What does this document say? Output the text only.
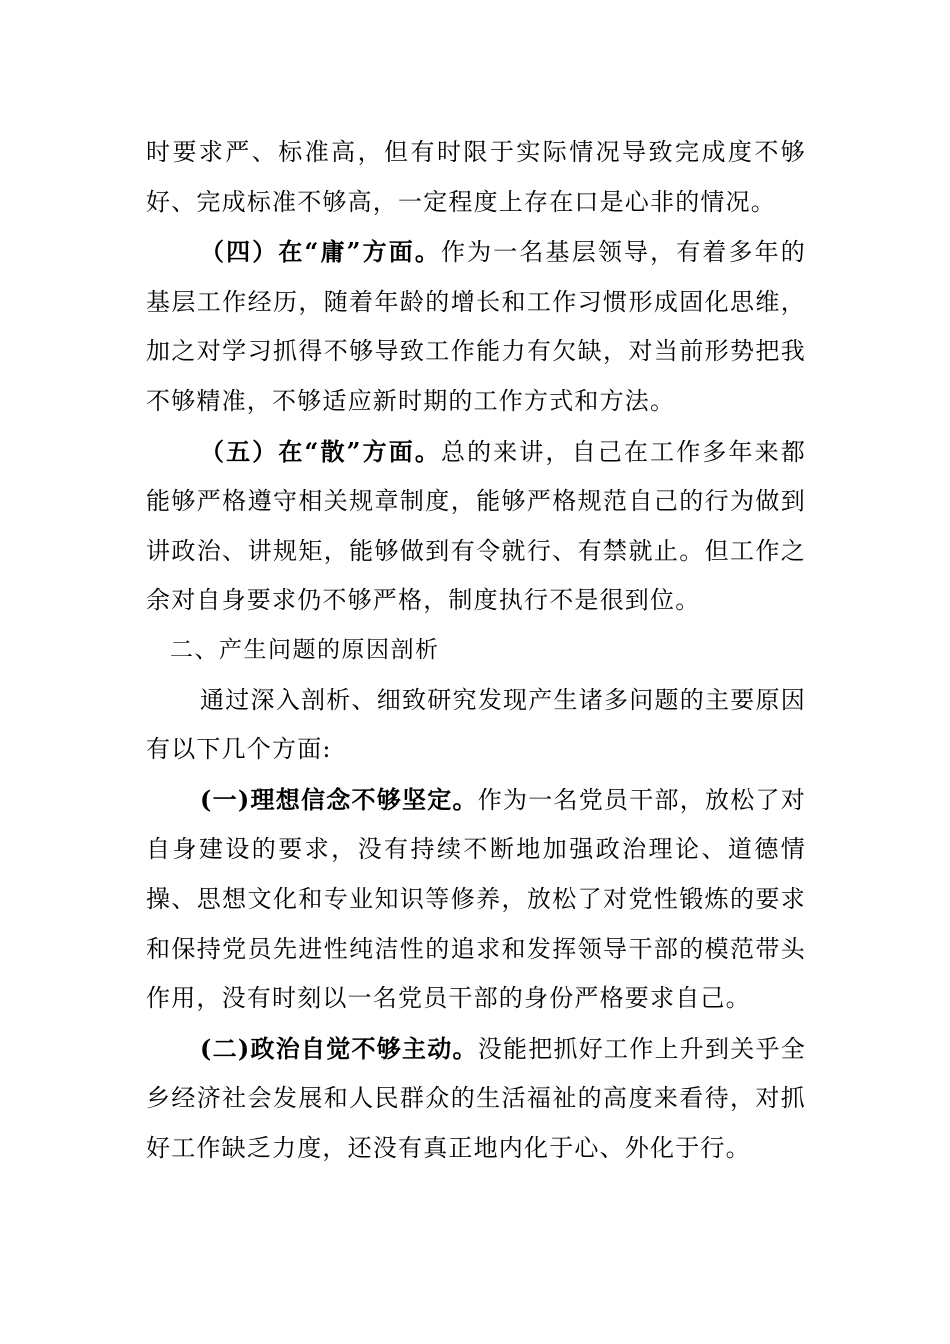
时要求严、标准高，但有时限于实际情况导致完成度不够好、完成标准不够高，一定程度上存在口是心非的情况。

（四）在“庸”方面。作为一名基层领导，有着多年的基层工作经历，随着年龄的增长和工作习惯形成固化思维，加之对学习抓得不够导致工作能力有欠缺，对当前形势把我不够精准，不够适应新时期的工作方式和方法。

（五）在“散”方面。总的来讲，自己在工作多年来都能够严格遵守相关规章制度，能够严格规范自己的行为做到讲政治、讲规矩，能够做到有令就行、有禁就止。但工作之余对自身要求仍不够严格，制度执行不是很到位。

二、产生问题的原因剖析

通过深入剖析、细致研究发现产生诸多问题的主要原因有以下几个方面:

(一)理想信念不够坚定。作为一名党员干部，放松了对自身建设的要求，没有持续不断地加强政治理论、道德情操、思想文化和专业知识等修养，放松了对党性锻炼的要求和保持党员先进性纯洁性的追求和发挥领导干部的模范带头作用，没有时刻以一名党员干部的身份严格要求自己。

(二)政治自觉不够主动。没能把抓好工作上升到关乎全乡经济社会发展和人民群众的生活福祉的高度来看待，对抓好工作缺乏力度，还没有真正地内化于心、外化于行。
